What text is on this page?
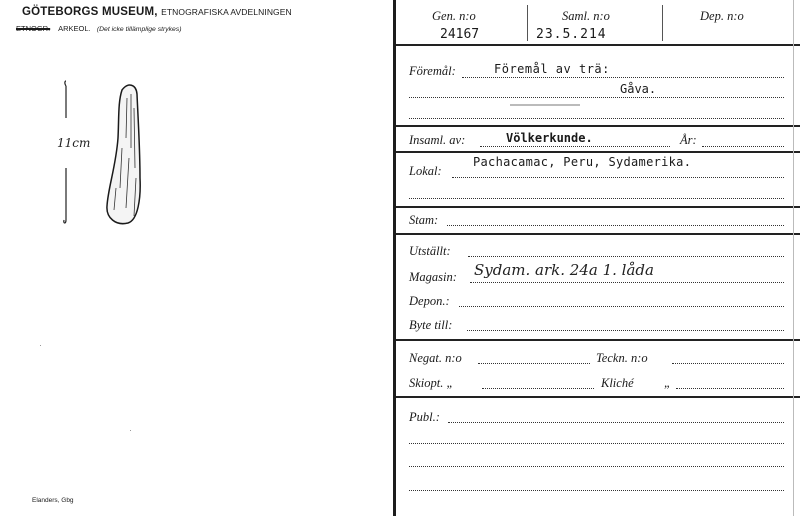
GÖTEBORGS MUSEUM, ETNOGRAFISKA AVDELNINGEN
ETNOGR. ARKEOL. (Det icke tillämplige strykes)
11cm
Elanders, Gbg
Gen. n:o
24167
Saml. n:o
23.5.214
Dep. n:o
Föremål:	Föremål av trä:
Gåva.
Insaml. av:	Völkerkunde.	År:
Lokal:
Pachacamac, Peru, Sydamerika.
Stam:
Utställt:
Magasin: Sydam. ark. 24a 1. låda
Depon.:
Byte till:
Negat. n:o	Teckn. n:o
Skiopt. „	Kliché „
Publ.:
